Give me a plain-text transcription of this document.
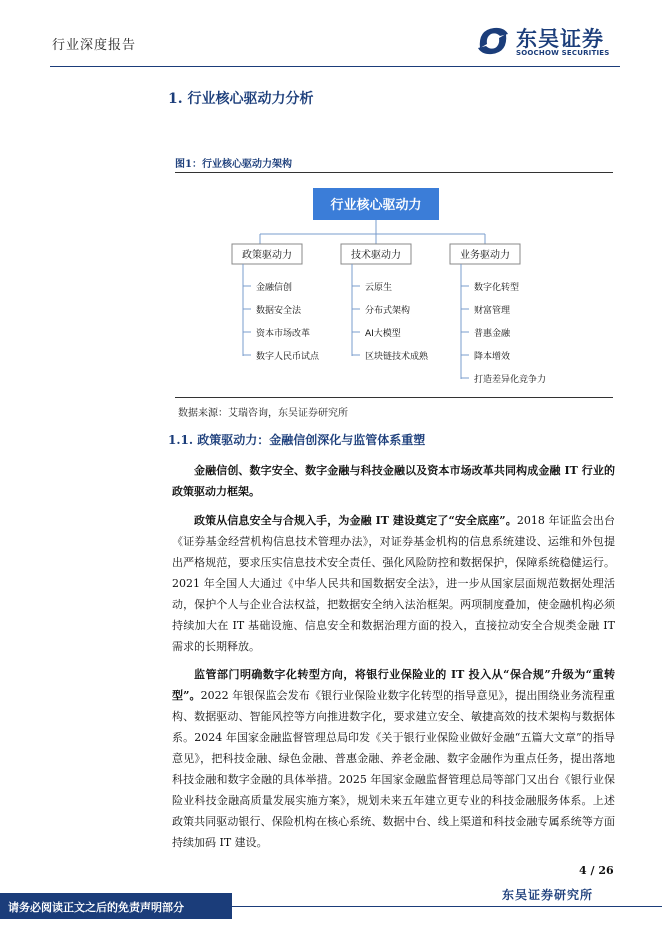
行业深度报告	东吴证券
SOOCHOW SECURITIES
1. 行业核心驱动力分析
图1：行业核心驱动力架构
行业核心驱动力
政策驱动力
金融信创
数据安全法
资本市场改革
数字人民币试点
技术驱动力
云原生
分布式架构
AI大模型
区块链技术成熟
业务驱动力
数字化转型
财富管理
普惠金融
降本增效
打造差异化竞争力
数据来源：艾瑞咨询，东吴证券研究所
1.1. 政策驱动力：金融信创深化与监管体系重塑
金融信创、数字安全、数字金融与科技金融以及资本市场改革共同构成金融 IT 行业的政策驱动力框架。
政策从信息安全与合规入手，为金融 IT 建设奠定了“安全底座”。2018 年证监会出台《证券基金经营机构信息技术管理办法》，对证券基金机构的信息系统建设、运维和外包提出严格规范，要求压实信息技术安全责任、强化风险防控和数据保护，保障系统稳健运行。2021 年全国人大通过《中华人民共和国数据安全法》，进一步从国家层面规范数据处理活动，保护个人与企业合法权益，把数据安全纳入法治框架。两项制度叠加，使金融机构必须持续加大在 IT 基础设施、信息安全和数据治理方面的投入，直接拉动安全合规类金融 IT 需求的长期释放。
监管部门明确数字化转型方向，将银行业保险业的 IT 投入从“保合规”升级为“重转型”。2022 年银保监会发布《银行业保险业数字化转型的指导意见》，提出围绕业务流程重构、数据驱动、智能风控等方向推进数字化，要求建立安全、敏捷高效的技术架构与数据体系。2024 年国家金融监督管理总局印发《关于银行业保险业做好金融“五篇大文章”的指导意见》，把科技金融、绿色金融、普惠金融、养老金融、数字金融作为重点任务，提出落地科技金融和数字金融的具体举措。2025 年国家金融监督管理总局等部门又出台《银行业保险业科技金融高质量发展实施方案》，规划未来五年建立更专业的科技金融服务体系。上述政策共同驱动银行、保险机构在核心系统、数据中台、线上渠道和科技金融专属系统等方面持续加码 IT 建设。
4 / 26
东吴证券研究所
请务必阅读正文之后的免责声明部分
